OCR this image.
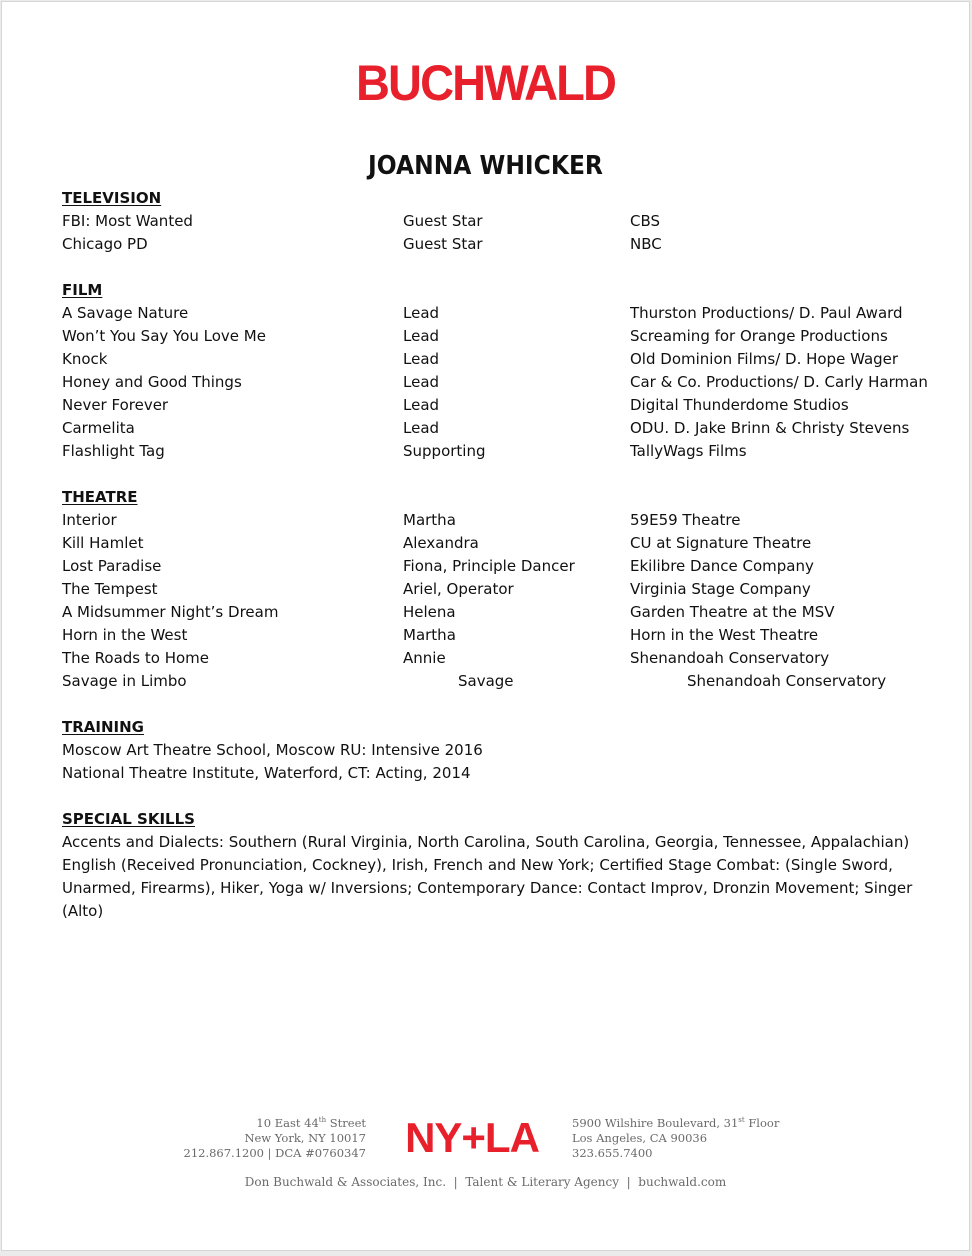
BUCHWALD
JOANNA WHICKER
TELEVISION
FBI: Most Wanted	Guest Star	CBS
Chicago PD	Guest Star	NBC
FILM
A Savage Nature	Lead	Thurston Productions/ D. Paul Award
Won’t You Say You Love Me	Lead	Screaming for Orange Productions
Knock	Lead	Old Dominion Films/ D. Hope Wager
Honey and Good Things	Lead	Car & Co. Productions/ D. Carly Harman
Never Forever	Lead	Digital Thunderdome Studios
Carmelita	Lead	ODU. D. Jake Brinn & Christy Stevens
Flashlight Tag	Supporting	TallyWags Films
THEATRE
Interior	Martha	59E59 Theatre
Kill Hamlet	Alexandra	CU at Signature Theatre
Lost Paradise	Fiona, Principle Dancer	Ekilibre Dance Company
The Tempest	Ariel, Operator	Virginia Stage Company
A Midsummer Night’s Dream	Helena	Garden Theatre at the MSV
Horn in the West	Martha	Horn in the West Theatre
The Roads to Home	Annie	Shenandoah Conservatory
Savage in Limbo	Savage	Shenandoah Conservatory
TRAINING
Moscow Art Theatre School, Moscow RU: Intensive 2016
National Theatre Institute, Waterford, CT: Acting, 2014
SPECIAL SKILLS
Accents and Dialects: Southern (Rural Virginia, North Carolina, South Carolina, Georgia, Tennessee, Appalachian) English (Received Pronunciation, Cockney), Irish, French and New York; Certified Stage Combat: (Single Sword, Unarmed, Firearms), Hiker, Yoga w/ Inversions; Contemporary Dance: Contact Improv, Dronzin Movement; Singer (Alto)
10 East 44th Street
New York, NY 10017
212.867.1200 | DCA #0760347 NY+LA	5900 Wilshire Boulevard, 31st Floor
Los Angeles, CA 90036
323.655.7400
Don Buchwald & Associates, Inc.  |  Talent & Literary Agency  |  buchwald.com
